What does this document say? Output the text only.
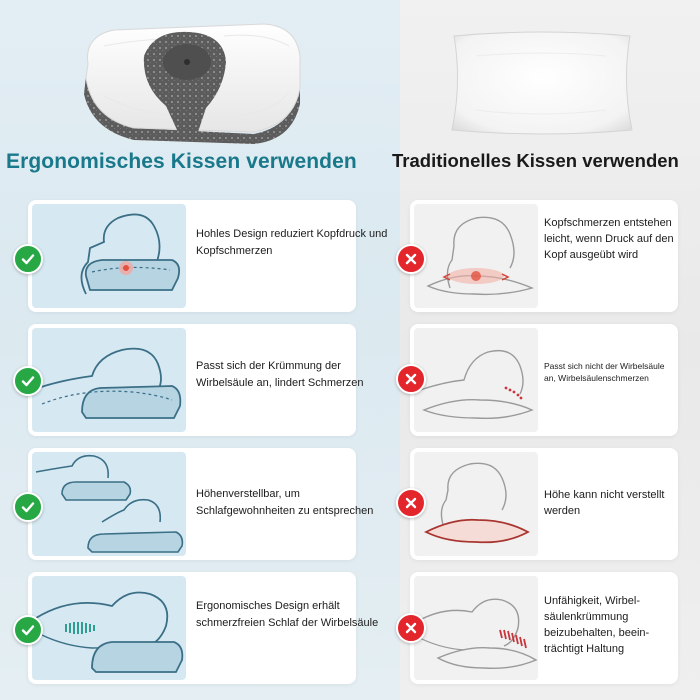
Ergonomisches Kissen verwenden Traditionelles Kissen verwenden
Hohles Design reduziert Kopfdruck und Kopfschmerzen
Passt sich der Krümmung der Wirbelsäule an, lindert Schmerzen
Höhenverstellbar, um Schlafgewohnheiten zu entsprechen
Ergonomisches Design erhält schmerzfreien Schlaf der Wirbelsäule
Kopfschmerzen entstehen leicht, wenn Druck auf den Kopf ausgeübt wird
Passt sich nicht der Wirbelsäule an, Wirbelsäulenschmerzen
Höhe kann nicht verstellt werden
Unfähigkeit, Wirbelsäulenkrümmung beizubehalten, beeinträchtigt Haltung
